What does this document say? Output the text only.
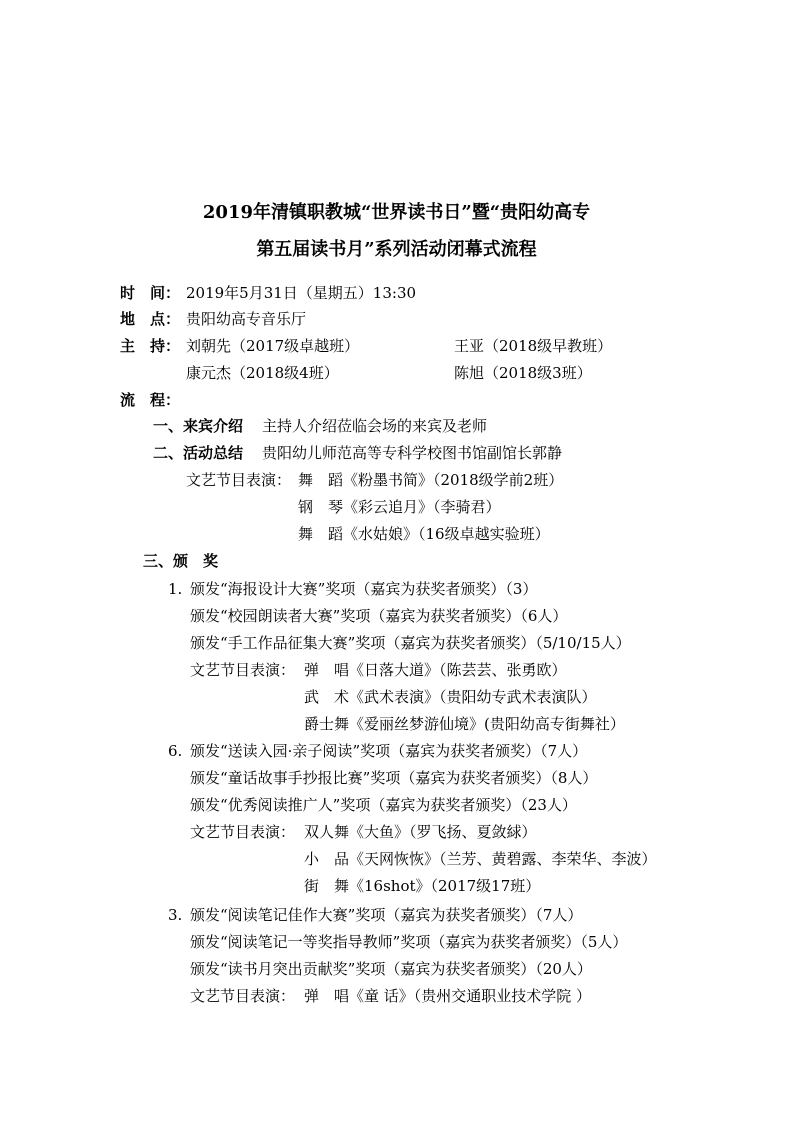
2019年清镇职教城“世界读书日”暨“贵阳幼高专
第五届读书月”系列活动闭幕式流程
时　间： 2019年5月31日（星期五）13:30
地　点： 贵阳幼高专音乐厅
主　持： 刘朝先（2017级卓越班）	王亚（2018级早教班）
康元杰（2018级4班）	陈旭（2018级3班）
流　程：
一、来宾介绍 主持人介绍莅临会场的来宾及老师
二、活动总结 贵阳幼儿师范高等专科学校图书馆副馆长郭静
文艺节目表演： 舞　蹈《粉墨书简》（2018级学前2班）
钢　琴《彩云追月》（李骑君）
舞　蹈《水姑娘》（16级卓越实验班）
三、颁　奖
1. 颁发“海报设计大赛”奖项（嘉宾为获奖者颁奖）（3）
颁发“校园朗读者大赛”奖项（嘉宾为获奖者颁奖）（6人）
颁发“手工作品征集大赛”奖项（嘉宾为获奖者颁奖）（5/10/15人）
文艺节目表演： 弹　唱《日落大道》（陈芸芸、张勇欧）
武　术《武术表演》（贵阳幼专武术表演队）
爵士舞《爱丽丝梦游仙境》(贵阳幼高专街舞社）
6. 颁发“送读入园·亲子阅读”奖项（嘉宾为获奖者颁奖）（7人）
颁发“童话故事手抄报比赛”奖项（嘉宾为获奖者颁奖）（8人）
颁发“优秀阅读推广人”奖项（嘉宾为获奖者颁奖）（23人）
文艺节目表演： 双人舞《大鱼》（罗飞扬、夏敛絿）
小　品《天网恢恢》（兰芳、黄碧露、李荣华、李波）
街　舞《16shot》（2017级17班）
3. 颁发“阅读笔记佳作大赛”奖项（嘉宾为获奖者颁奖）（7人）
颁发“阅读笔记一等奖指导教师”奖项（嘉宾为获奖者颁奖）（5人）
颁发“读书月突出贡献奖”奖项（嘉宾为获奖者颁奖）（20人）
文艺节目表演： 弹　唱《童 话》（贵州交通职业技术学院 ）
